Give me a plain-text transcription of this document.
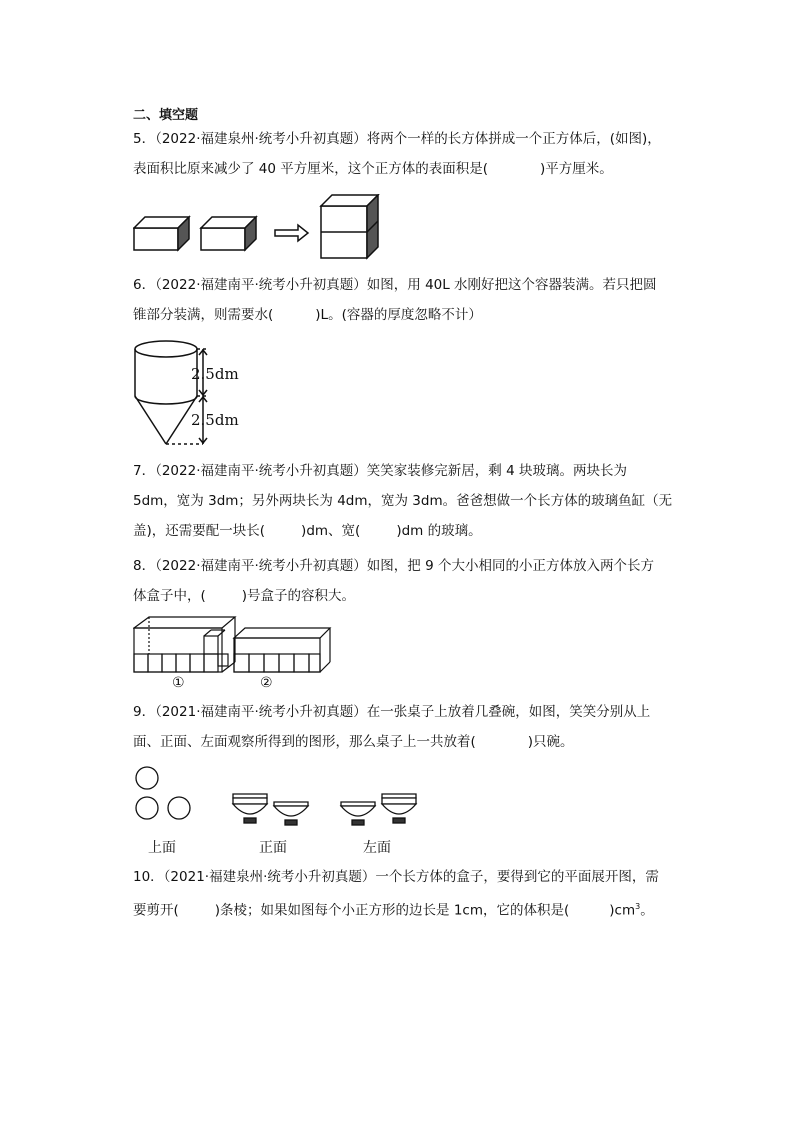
二、填空题
5．（2022·福建泉州·统考小升初真题）将两个一样的长方体拼成一个正方体后，(如图)，
表面积比原来减少了 40 平方厘米，这个正方体的表面积是(	)平方厘米。
6．（2022·福建南平·统考小升初真题）如图，用 40L 水刚好把这个容器装满。若只把圆
锥部分装满，则需要水(	)L。(容器的厚度忽略不计）
2.5dm
2.5dm
7．（2022·福建南平·统考小升初真题）笑笑家装修完新居，剩 4 块玻璃。两块长为
5dm，宽为 3dm；另外两块长为 4dm，宽为 3dm。爸爸想做一个长方体的玻璃鱼缸（无
盖)，还需要配一块长(	)dm、宽(	)dm 的玻璃。
8．（2022·福建南平·统考小升初真题）如图，把 9 个大小相同的小正方体放入两个长方
体盒子中，(	)号盒子的容积大。
①	②
9．（2021·福建南平·统考小升初真题）在一张桌子上放着几叠碗，如图，笑笑分别从上
面、正面、左面观察所得到的图形，那么桌子上一共放着(	)只碗。
上面	正面	左面
10．（2021·福建泉州·统考小升初真题）一个长方体的盒子，要得到它的平面展开图，需
要剪开(	)条棱；如果如图每个小正方形的边长是 1cm，它的体积是(	)$cm^3$。
